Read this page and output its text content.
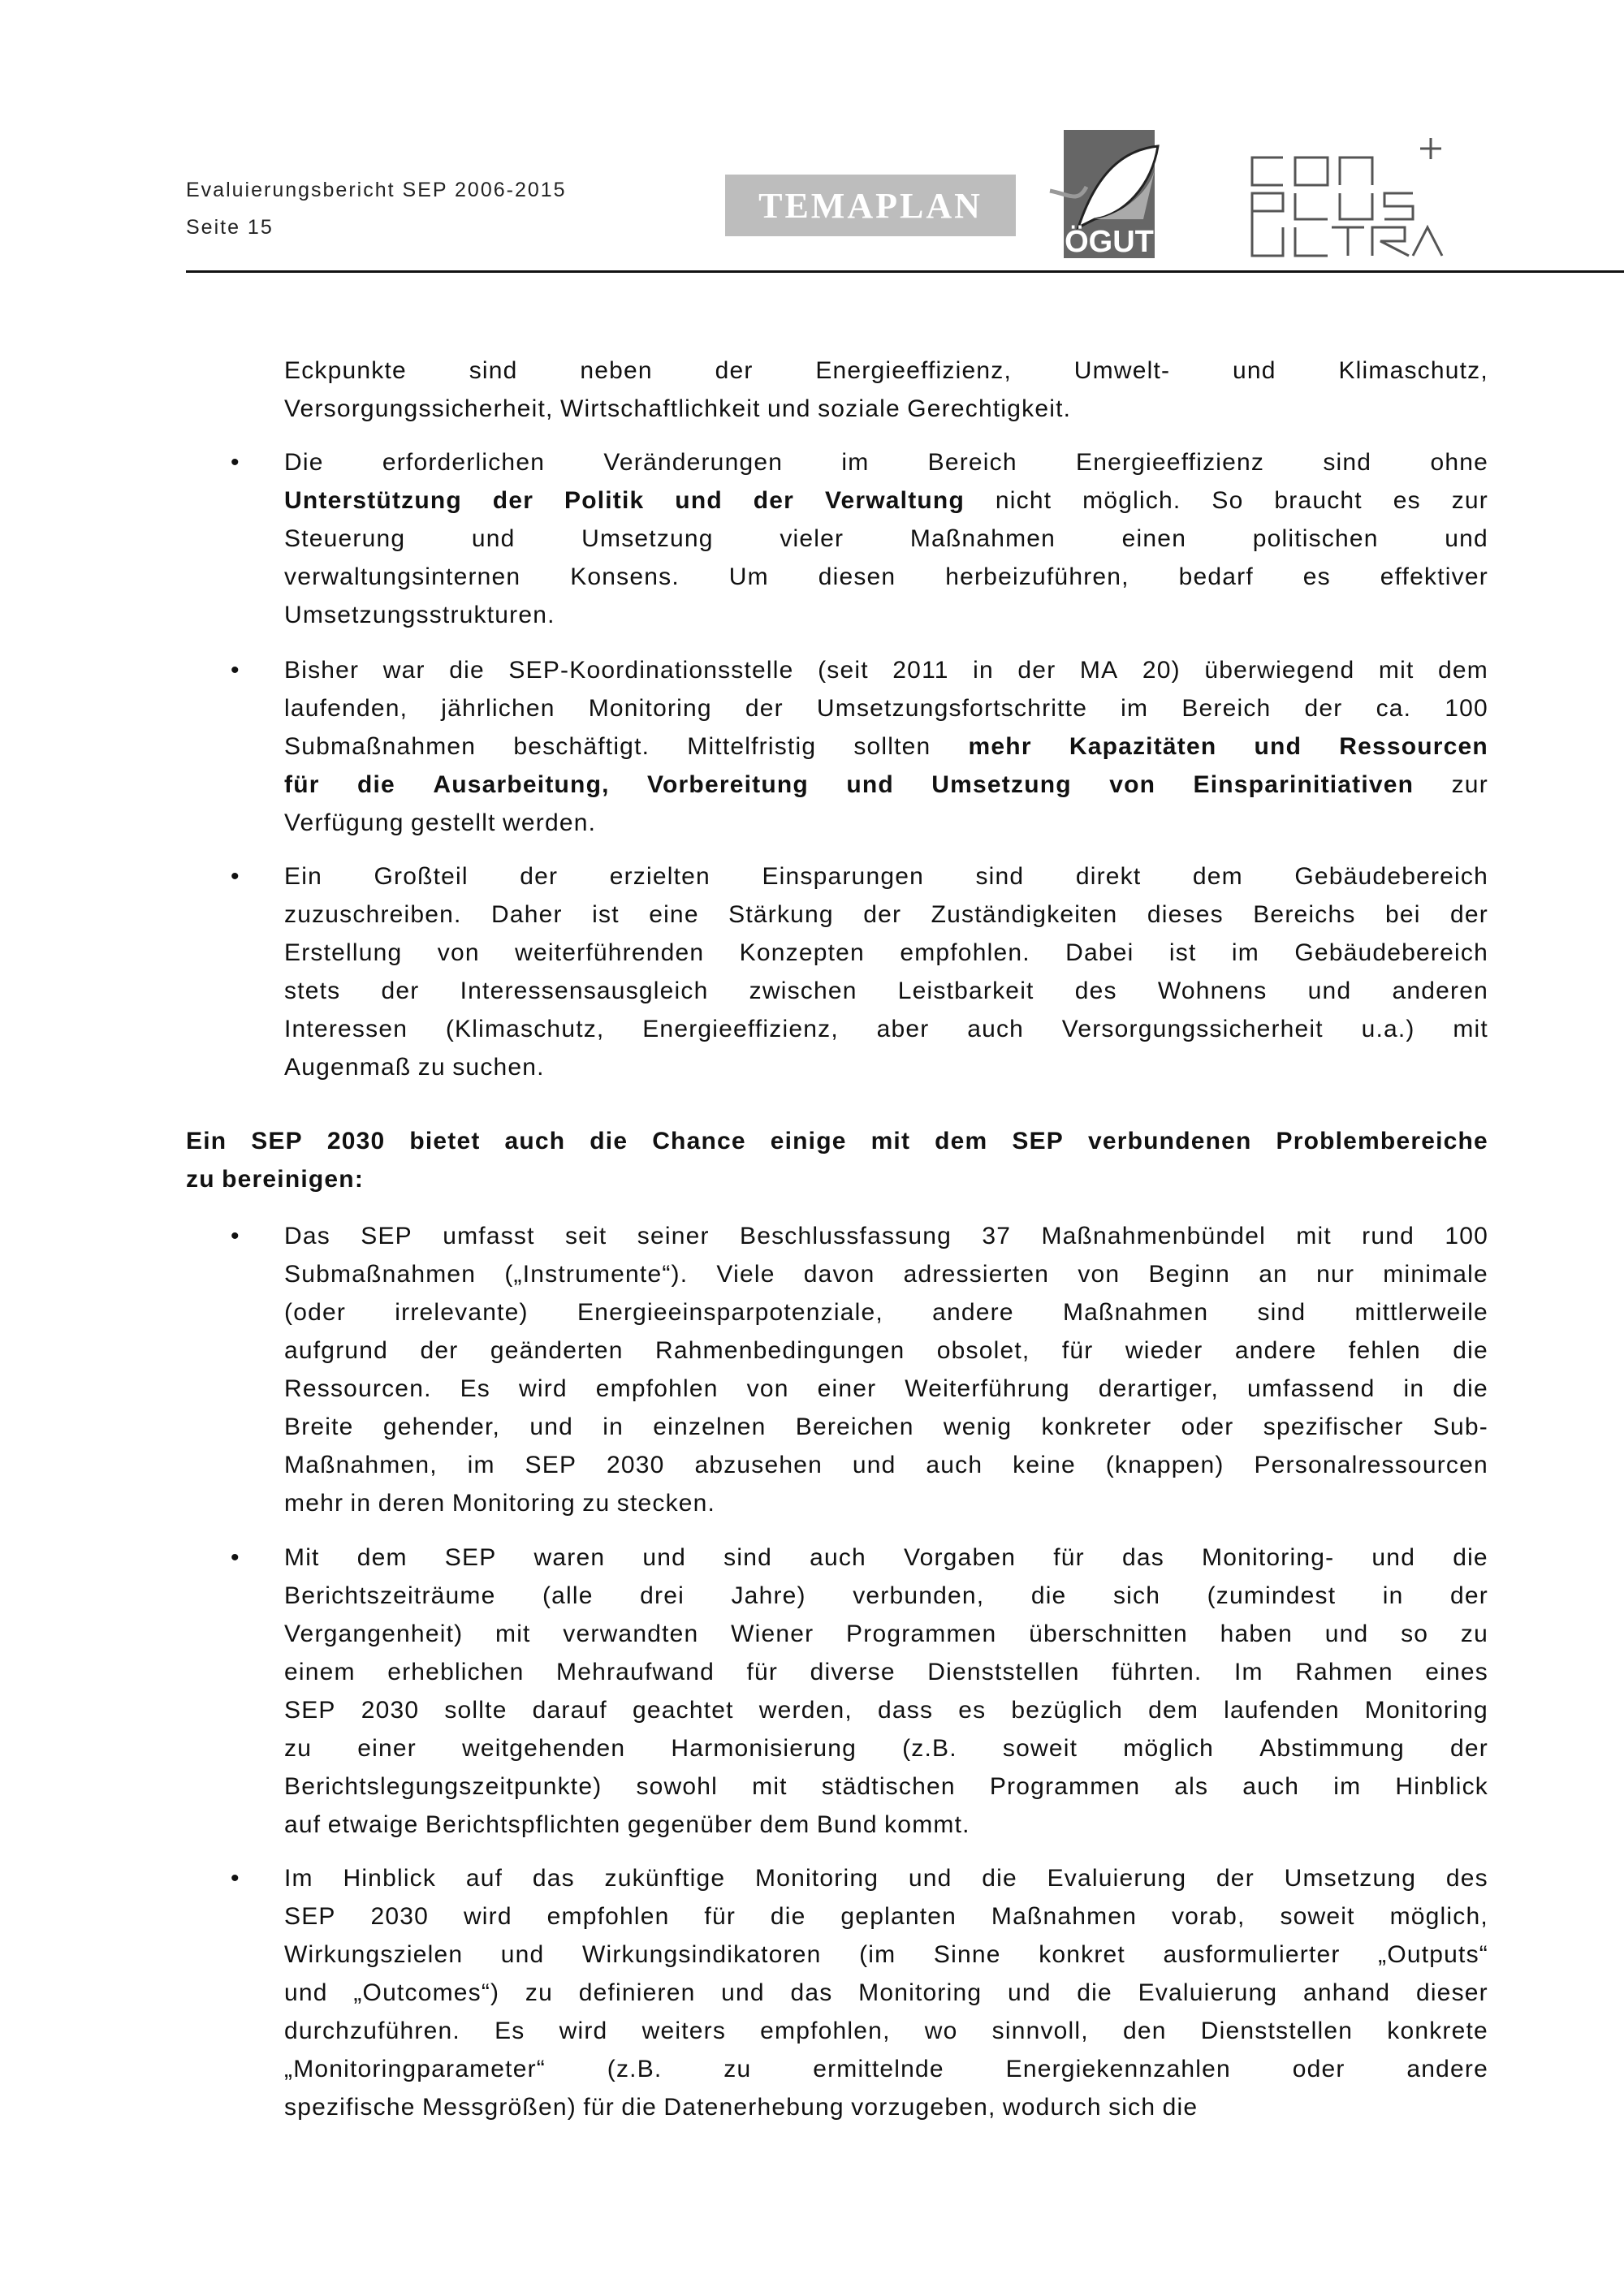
Evaluierungsbericht SEP 2006-2015
Seite 15
TEMAPLAN
ÖGUT
Eckpunkte	sind	neben	der	Energieeffizienz,	Umwelt-	und	Klimaschutz,
Versorgungssicherheit, Wirtschaftlichkeit und soziale Gerechtigkeit.
• Die erforderlichen Veränderungen im Bereich Energieeffizienz sind ohne
Unterstützung der Politik und der Verwaltung nicht möglich. So braucht es zur
Steuerung	und	Umsetzung	vieler	Maßnahmen	einen	politischen	und
verwaltungsinternen Konsens. Um diesen herbeizuführen, bedarf es effektiver
Umsetzungsstrukturen.
• Bisher war die SEP-Koordinationsstelle (seit 2011 in der MA 20) überwiegend mit dem
laufenden, jährlichen Monitoring der Umsetzungsfortschritte im Bereich der ca. 100
Submaßnahmen beschäftigt. Mittelfristig sollten mehr Kapazitäten und Ressourcen
für die Ausarbeitung, Vorbereitung und Umsetzung von Einsparinitiativen zur
Verfügung gestellt werden.
• Ein Großteil der erzielten Einsparungen sind direkt dem Gebäudebereich
zuzuschreiben. Daher ist eine Stärkung der Zuständigkeiten dieses Bereichs bei der
Erstellung von weiterführenden Konzepten empfohlen. Dabei ist im Gebäudebereich
stets der Interessensausgleich zwischen Leistbarkeit des Wohnens und anderen
Interessen (Klimaschutz, Energieeffizienz, aber auch Versorgungssicherheit u.a.) mit
Augenmaß zu suchen.
Ein SEP 2030 bietet auch die Chance einige mit dem SEP verbundenen Problembereiche
zu bereinigen:
• Das SEP umfasst seit seiner Beschlussfassung 37 Maßnahmenbündel mit rund 100
Submaßnahmen („Instrumente“). Viele davon adressierten von Beginn an nur minimale
(oder irrelevante) Energieeinsparpotenziale, andere Maßnahmen sind mittlerweile
aufgrund der geänderten Rahmenbedingungen obsolet, für wieder andere fehlen die
Ressourcen. Es wird empfohlen von einer Weiterführung derartiger, umfassend in die
Breite gehender, und in einzelnen Bereichen wenig konkreter oder spezifischer Sub-
Maßnahmen, im SEP 2030 abzusehen und auch keine (knappen) Personalressourcen
mehr in deren Monitoring zu stecken.
• Mit dem SEP waren und sind auch Vorgaben für das Monitoring- und die
Berichtszeiträume (alle drei Jahre) verbunden, die sich (zumindest in der
Vergangenheit) mit verwandten Wiener Programmen überschnitten haben und so zu
einem erheblichen Mehraufwand für diverse Dienststellen führten. Im Rahmen eines
SEP 2030 sollte darauf geachtet werden, dass es bezüglich dem laufenden Monitoring
zu einer weitgehenden Harmonisierung (z.B. soweit möglich Abstimmung der
Berichtslegungszeitpunkte) sowohl mit städtischen Programmen als auch im Hinblick
auf etwaige Berichtspflichten gegenüber dem Bund kommt.
• Im Hinblick auf das zukünftige Monitoring und die Evaluierung der Umsetzung des
SEP 2030 wird empfohlen für die geplanten Maßnahmen vorab, soweit möglich,
Wirkungszielen und Wirkungsindikatoren (im Sinne konkret ausformulierter „Outputs“
und „Outcomes“) zu definieren und das Monitoring und die Evaluierung anhand dieser
durchzuführen. Es wird weiters empfohlen, wo sinnvoll, den Dienststellen konkrete
„Monitoringparameter“	(z.B.	zu	ermittelnde	Energiekennzahlen	oder	andere
spezifische Messgrößen) für die Datenerhebung vorzugeben, wodurch sich die
